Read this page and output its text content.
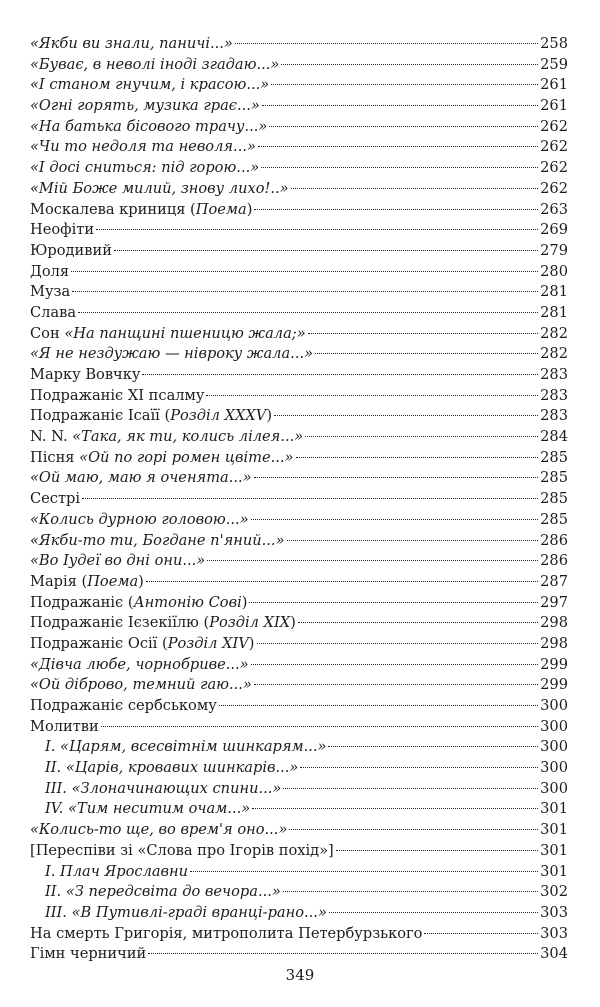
«Якби ви знали, паничі...»	258
«Буває, в неволі іноді згадаю...»	259
«І станом гнучим, і красою...»	261
«Огні горять, музика грає...»	261
«На батька бісового трачу...»	262
«Чи то недоля та неволя...»	262
«І досі сниться: під горою...»	262
«Мій Боже милий, знову лихо!..»	262
Москалева криниця (Поема)	263
Неофіти	269
Юродивий	279
Доля	280
Муза	281
Слава	281
Сон «На панщині пшеницю жала;»	282
«Я не нездужаю — нівроку жала...»	282
Марку Вовчку	283
Подражаніє ХІ псалму	283
Подражаніє Ісаїї (Розділ XXXV)	283
N. N. «Така, як ти, колись лілея...»	284
Пісня «Ой по горі ромен цвіте...»	285
«Ой маю, маю я оченята...»	285
Сестрі	285
«Колись дурною головою...»	285
«Якби-то ти, Богдане п'яний...»	286
«Во Іудеї во дні они...»	286
Марія (Поема)	287
Подражаніє (Антонію Сові)	297
Подражаніє Ієзекіїлю (Розділ XIX)	298
Подражаніє Осії (Розділ XIV)	298
«Дівча любе, чорнобриве...»	299
«Ой діброво, темний гаю...»	299
Подражаніє сербському	300
Молитви	300
I. «Царям, всесвітнім шинкарям...»	300
II. «Царів, кровавих шинкарів...»	300
III. «Злоначинающих спини...»	300
IV. «Тим неситим очам...»	301
«Колись-то ще, во врем'я оно...»	301
[Переспіви зі «Слова про Ігорів похід»]	301
I. Плач Ярославни	301
II. «З передсвіта до вечора...»	302
III. «В Путивлі-граді вранці-рано...»	303
На смерть Григорія, митрополита Петербурзького	303
Гімн черничий	304
349
